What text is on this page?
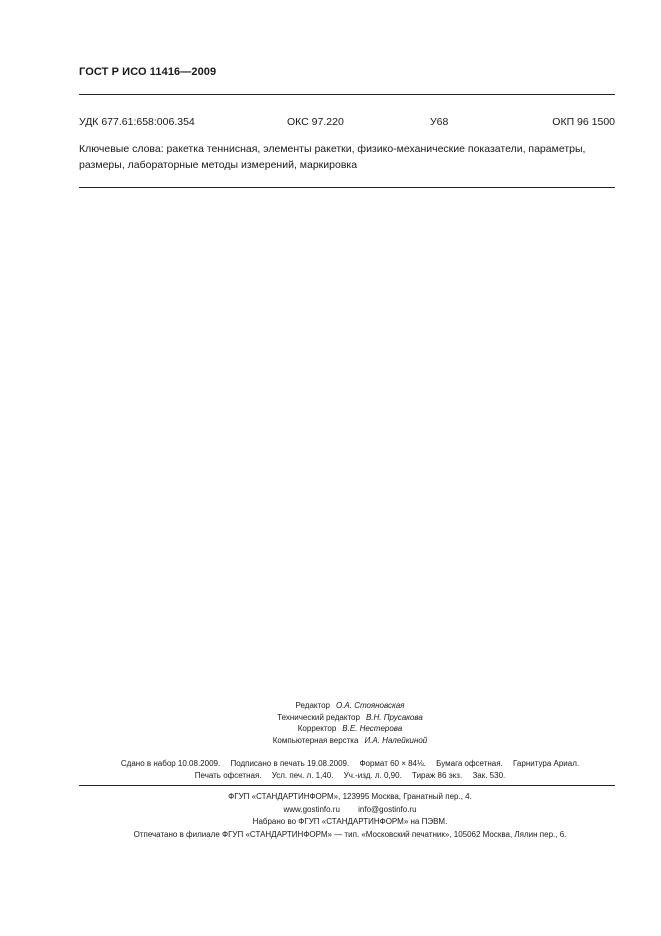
ГОСТ Р ИСО 11416—2009
УДК 677.61:658:006.354	ОКС 97.220	У68	ОКП 96 1500
Ключевые слова: ракетка теннисная, элементы ракетки, физико-механические показатели, параметры,
размеры, лабораторные методы измерений, маркировка
Редактор О.А. Стояновская
Технический редактор В.Н. Прусакова
Корректор В.Е. Нестерова
Компьютерная верстка И.А. Налейкиной
Сдано в набор 10.08.2009. Подписано в печать 19.08.2009. Формат 60 × 84⅛. Бумага офсетная. Гарнитура Ариал.
Печать офсетная. Усл. печ. л. 1,40. Уч.-изд. л. 0,90. Тираж 86 экз. Зак. 530.
ФГУП «СТАНДАРТИНФОРМ», 123995 Москва, Гранатный пер., 4.
www.gostinfo.ru info@gostinfo.ru
Набрано во ФГУП «СТАНДАРТИНФОРМ» на ПЭВМ.
Отпечатано в филиале ФГУП «СТАНДАРТИНФОРМ» — тип. «Московский печатник», 105062 Москва, Лялин пер., 6.
